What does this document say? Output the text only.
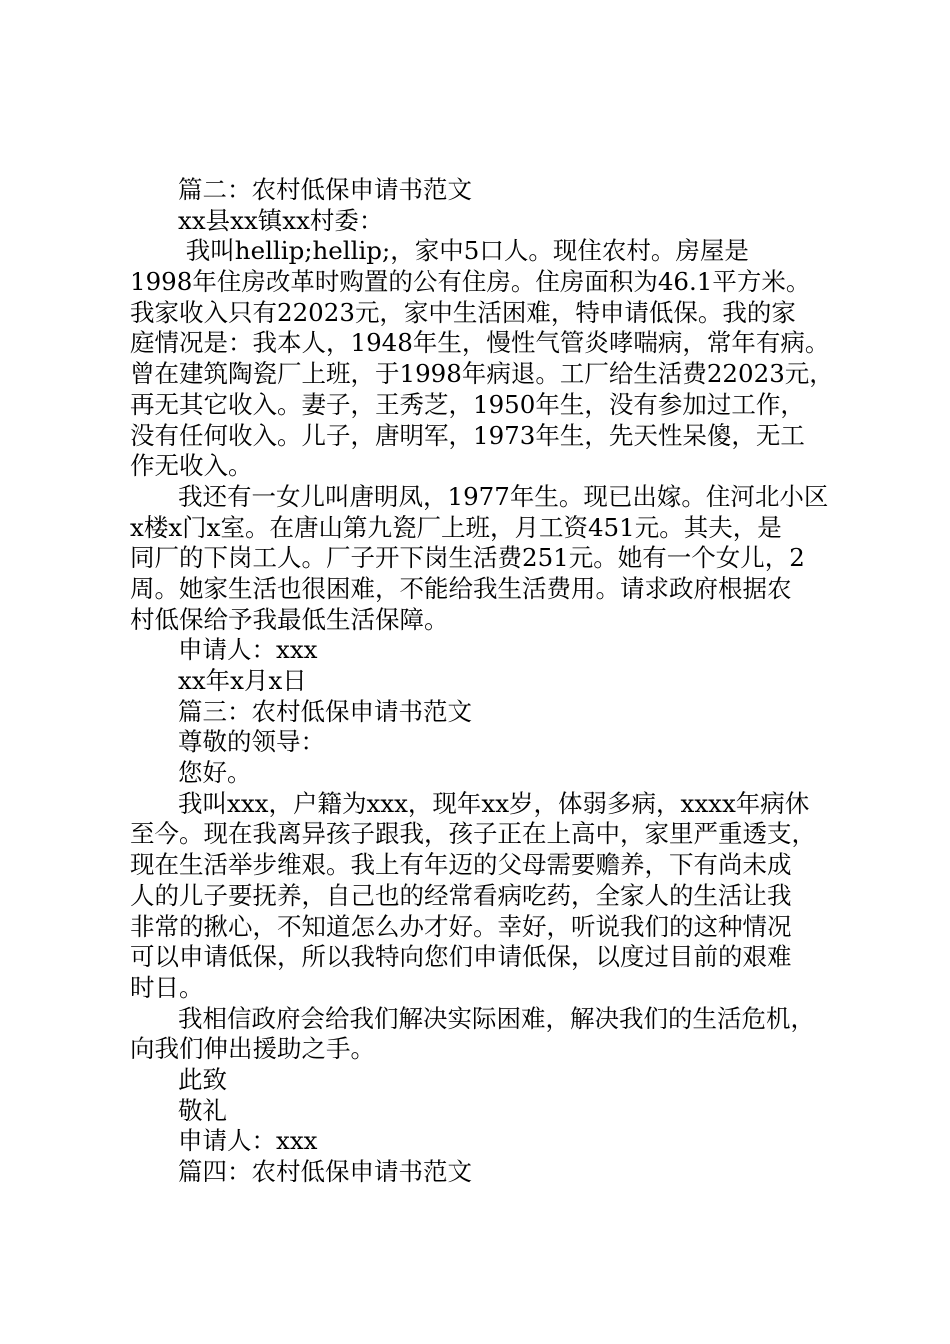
篇二：农村低保申请书范文
xx县xx镇xx村委：
我叫hellip;hellip;，家中5口人。现住农村。房屋是
1998年住房改革时购置的公有住房。住房面积为46.1平方米。
我家收入只有22023元，家中生活困难，特申请低保。我的家
庭情况是：我本人，1948年生，慢性气管炎哮喘病，常年有病。
曾在建筑陶瓷厂上班，于1998年病退。工厂给生活费22023元，
再无其它收入。妻子，王秀芝，1950年生，没有参加过工作，
没有任何收入。儿子，唐明军，1973年生，先天性呆傻，无工
作无收入。
我还有一女儿叫唐明凤，1977年生。现已出嫁。住河北小区
x楼x门x室。在唐山第九瓷厂上班，月工资451元。其夫，是
同厂的下岗工人。厂子开下岗生活费251元。她有一个女儿，2
周。她家生活也很困难，不能给我生活费用。请求政府根据农
村低保给予我最低生活保障。
申请人：xxx
xx年x月x日
篇三：农村低保申请书范文
尊敬的领导：
您好。
我叫xxx，户籍为xxx，现年xx岁，体弱多病，xxxx年病休
至今。现在我离异孩子跟我，孩子正在上高中，家里严重透支，
现在生活举步维艰。我上有年迈的父母需要赡养，下有尚未成
人的儿子要抚养，自己也的经常看病吃药，全家人的生活让我
非常的揪心，不知道怎么办才好。幸好，听说我们的这种情况
可以申请低保，所以我特向您们申请低保，以度过目前的艰难
时日。
我相信政府会给我们解决实际困难，解决我们的生活危机，
向我们伸出援助之手。
此致
敬礼
申请人：xxx
篇四：农村低保申请书范文
